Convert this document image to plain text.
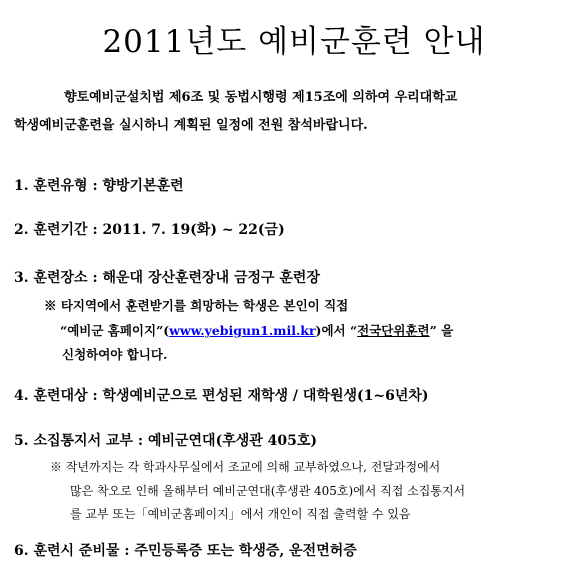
2011년도 예비군훈련 안내
향토예비군설치법 제6조 및 동법시행령 제15조에 의하여 우리대학교
학생예비군훈련을 실시하니 계획된 일정에 전원 참석바랍니다.
1. 훈련유형 : 향방기본훈련
2. 훈련기간 : 2011. 7. 19(화) ~ 22(금)
3. 훈련장소 : 해운대 장산훈련장내 금정구 훈련장
※ 타지역에서 훈련받기를 희망하는 학생은 본인이 직접
“예비군 홈페이지”(www.yebigun1.mil.kr)에서 “전국단위훈련” 을
신청하여야 합니다.
4. 훈련대상 : 학생예비군으로 편성된 재학생 / 대학원생(1~6년차)
5. 소집통지서 교부 : 예비군연대(후생관 405호)
※ 작년까지는 각 학과사무실에서 조교에 의해 교부하였으나, 전달과정에서
많은 착오로 인해 올해부터 예비군연대(후생관 405호)에서 직접 소집통지서
를 교부 또는「예비군홈페이지」에서 개인이 직접 출력할 수 있음
6. 훈련시 준비물 : 주민등록증 또는 학생증, 운전면허증
